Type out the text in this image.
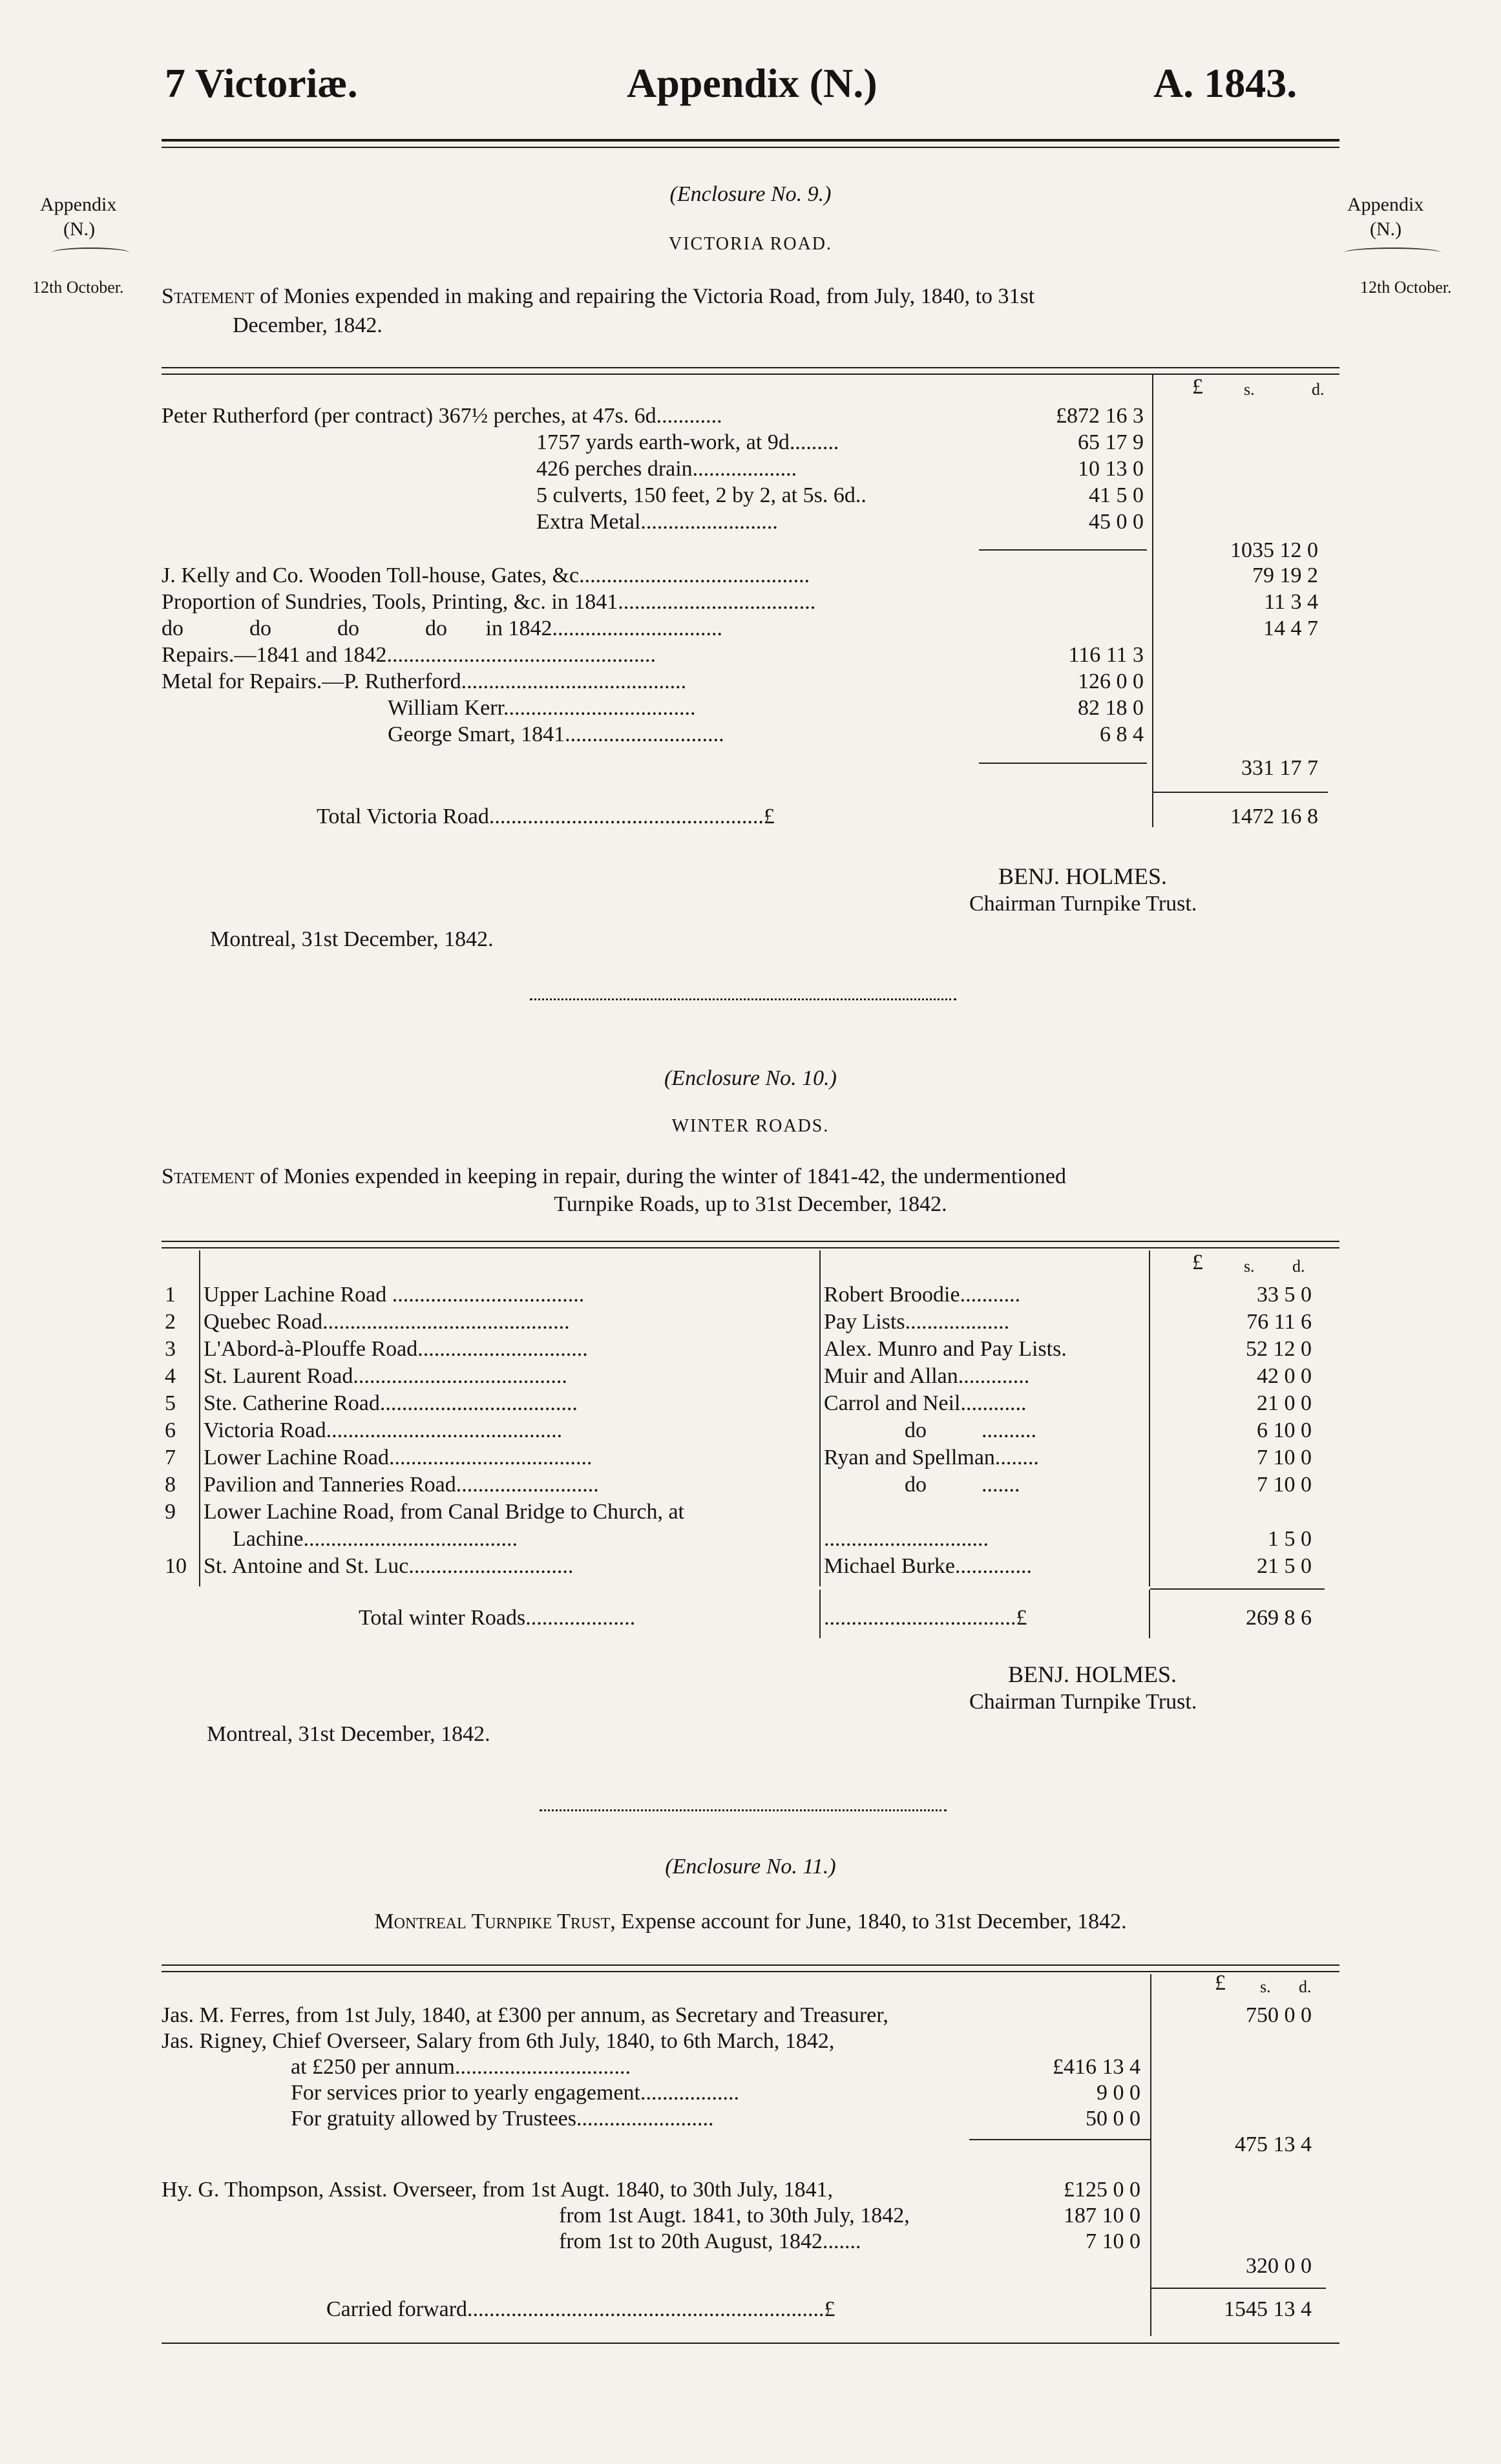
7 Victoriæ.	Appendix (N.)	A. 1843.
Appendix
(N.)
12th October.
Appendix
(N.)
12th October.
(Enclosure No. 9.)
VICTORIA ROAD.
Statement of Monies expended in making and repairing the Victoria Road, from July, 1840, to 31st
December, 1842.
£ s.	d.
Peter Rutherford (per contract) 367½ perches, at 47s. 6d............	£872 16 3
1757 yards earth-work, at 9d.........	65 17 9
426 perches drain...................	10 13 0
5 culverts, 150 feet, 2 by 2, at 5s. 6d..	41 5 0
Extra Metal.........................	45 0 0
1035 12 0
J. Kelly and Co. Wooden Toll-house, Gates, &c..........................................	79 19 2
Proportion of Sundries, Tools, Printing, &c. in 1841....................................	11 3 4
do            do            do            do       in 1842...............................	14 4 7
Repairs.—1841 and 1842.................................................	116 11 3
Metal for Repairs.—P. Rutherford.........................................	126 0 0
William Kerr...................................	82 18 0
George Smart, 1841.............................	6 8 4
331 17 7
Total Victoria Road..................................................£	1472 16 8
BENJ. HOLMES.
Chairman Turnpike Trust.
Montreal, 31st December, 1842.
(Enclosure No. 10.)
WINTER ROADS.
Statement of Monies expended in keeping in repair, during the winter of 1841-42, the undermentioned
Turnpike Roads, up to 31st December, 1842.
£ s. d.
1 Upper Lachine Road ...................................	Robert Broodie...........	33 5 0
2 Quebec Road.............................................	Pay Lists...................	76 11 6
3 L'Abord-à-Plouffe Road...............................	Alex. Munro and Pay Lists.	52 12 0
4 St. Laurent Road.......................................	Muir and Allan.............	42 0 0
5 Ste. Catherine Road....................................	Carrol and Neil............	21 0 0
6 Victoria Road...........................................	do          ..........	6 10 0
7 Lower Lachine Road.....................................	Ryan and Spellman........	7 10 0
8 Pavilion and Tanneries Road..........................	do          .......	7 10 0
9 Lower Lachine Road, from Canal Bridge to Church, at
Lachine.......................................	..............................	1 5 0
10 St. Antoine and St. Luc..............................	Michael Burke..............	21 5 0
Total winter Roads....................	...................................£	269 8 6
BENJ. HOLMES.
Chairman Turnpike Trust.
Montreal, 31st December, 1842.
(Enclosure No. 11.)
Montreal Turnpike Trust, Expense account for June, 1840, to 31st December, 1842.
£ s. d.
Jas. M. Ferres, from 1st July, 1840, at £300 per annum, as Secretary and Treasurer,	750 0 0
Jas. Rigney, Chief Overseer, Salary from 6th July, 1840, to 6th March, 1842,
at £250 per annum................................	£416 13 4
For services prior to yearly engagement..................	9 0 0
For gratuity allowed by Trustees.........................	50 0 0
475 13 4
Hy. G. Thompson, Assist. Overseer, from 1st Augt. 1840, to 30th July, 1841,	£125 0 0
from 1st Augt. 1841, to 30th July, 1842,	187 10 0
from 1st to 20th August, 1842.......	7 10 0
320 0 0
Carried forward.................................................................£	1545 13 4
